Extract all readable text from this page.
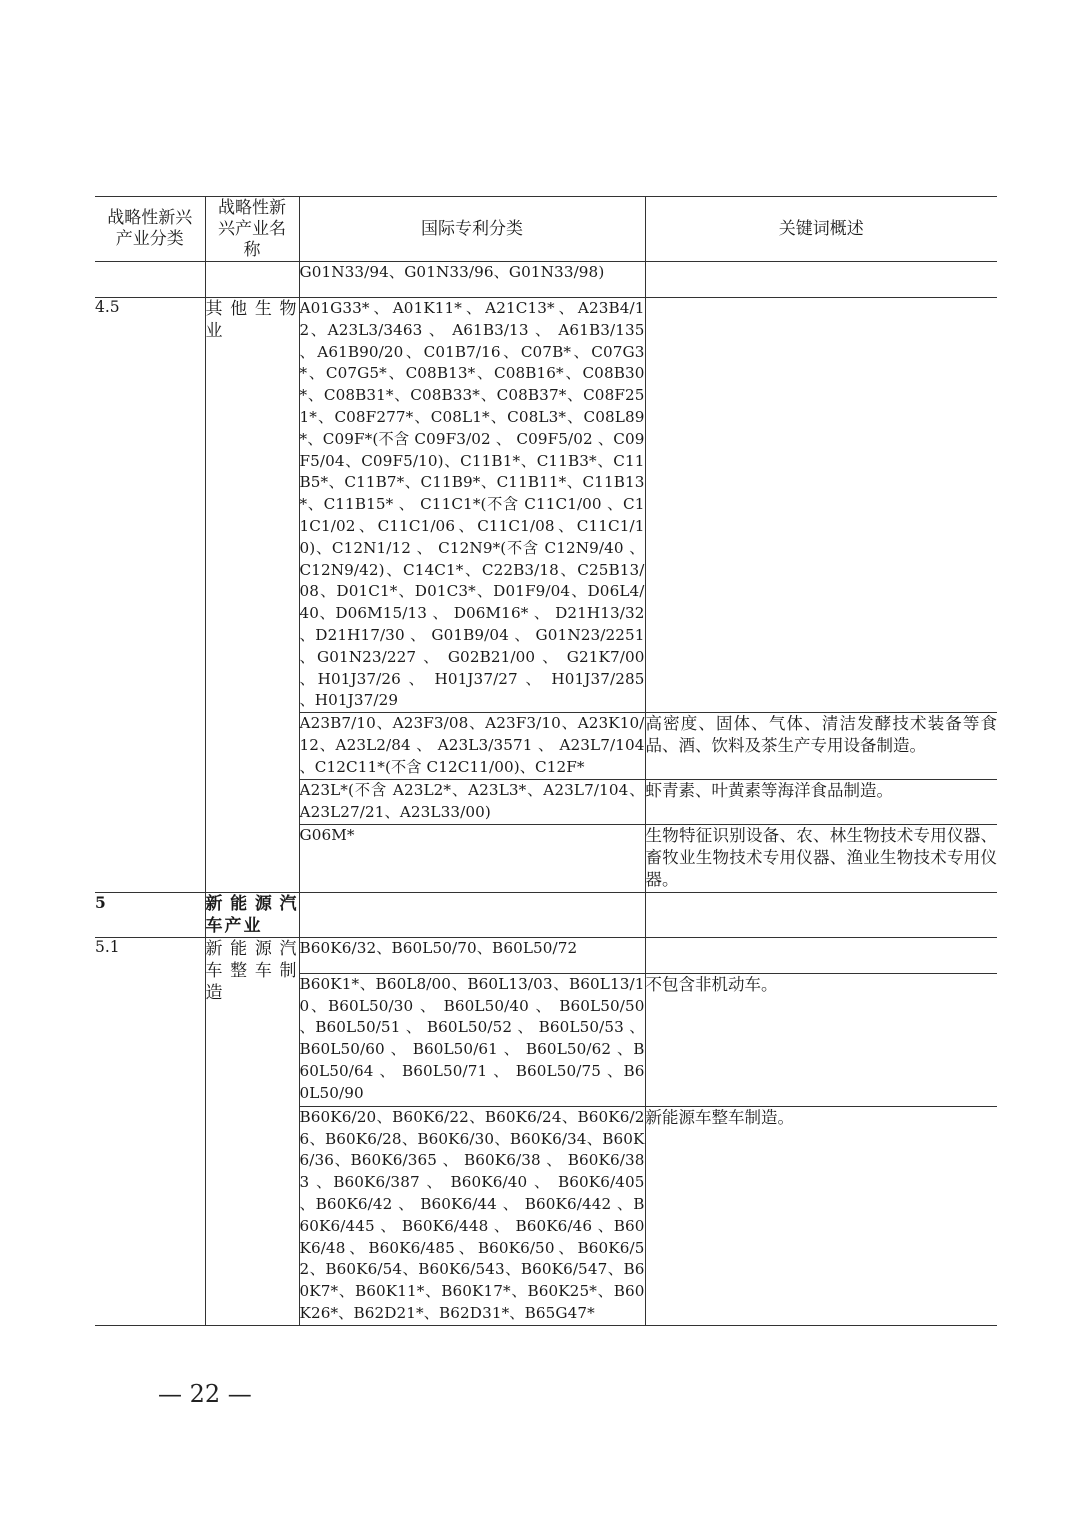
战略性新兴产业分类	战略性新兴产业名称	国际专利分类	关键词概述
		G01N33/94、G01N33/96、G01N33/98)	
4.5	其他生物业	A01G33*、A01K11*、A21C13*、A23B4/12、A23L3/3463 、 A61B3/13 、 A61B3/135 、A61B90/20、C01B7/16、C07B*、C07G3*、C07G5*、C08B13*、C08B16*、C08B30*、C08B31*、C08B33*、C08B37*、C08F251*、C08F277*、C08L1*、C08L3*、C08L89*、C09F*(不含 C09F3/02 、 C09F5/02 、C09F5/04、C09F5/10)、C11B1*、C11B3*、C11B5*、C11B7*、C11B9*、C11B11*、C11B13*、C11B15* 、 C11C1*(不含 C11C1/00 、C11C1/02、C11C1/06、C11C1/08、C11C1/10)、C12N1/12 、 C12N9*(不含 C12N9/40 、C12N9/42)、C14C1*、C22B3/18、C25B13/08、D01C1*、D01C3*、D01F9/04、D06L4/40、D06M15/13 、 D06M16* 、 D21H13/32 、D21H17/30 、 G01B9/04 、 G01N23/2251 、G01N23/227 、 G02B21/00 、 G21K7/00 、H01J37/26 、 H01J37/27 、 H01J37/285 、H01J37/29	
		A23B7/10、A23F3/08、A23F3/10、A23K10/12、A23L2/84 、 A23L3/3571 、 A23L7/104 、C12C11*(不含 C12C11/00)、C12F*	高密度、固体、气体、清洁发酵技术装备等食品、酒、饮料及茶生产专用设备制造。
		A23L*(不含 A23L2*、A23L3*、A23L7/104、A23L27/21、A23L33/00)	虾青素、叶黄素等海洋食品制造。
		G06M*	生物特征识别设备、农、林生物技术专用仪器、畜牧业生物技术专用仪器、渔业生物技术专用仪器。
5	新能源汽车产业		
5.1	新能源汽车整车制造	B60K6/32、B60L50/70、B60L50/72	
		B60K1*、B60L8/00、B60L13/03、B60L13/10、B60L50/30 、 B60L50/40 、 B60L50/50 、B60L50/51 、 B60L50/52 、 B60L50/53 、B60L50/60 、 B60L50/61 、 B60L50/62 、B60L50/64 、 B60L50/71 、 B60L50/75 、B60L50/90	不包含非机动车。
		B60K6/20、B60K6/22、B60K6/24、B60K6/26、B60K6/28、B60K6/30、B60K6/34、B60K6/36、B60K6/365 、 B60K6/38 、 B60K6/383 、B60K6/387 、 B60K6/40 、 B60K6/405 、B60K6/42 、 B60K6/44 、 B60K6/442 、B60K6/445 、 B60K6/448 、 B60K6/46 、B60K6/48、B60K6/485、B60K6/50、B60K6/52、B60K6/54、B60K6/543、B60K6/547、B60K7*、B60K11*、B60K17*、B60K25*、B60K26*、B62D21*、B62D31*、B65G47*	新能源车整车制造。
— 22 —
